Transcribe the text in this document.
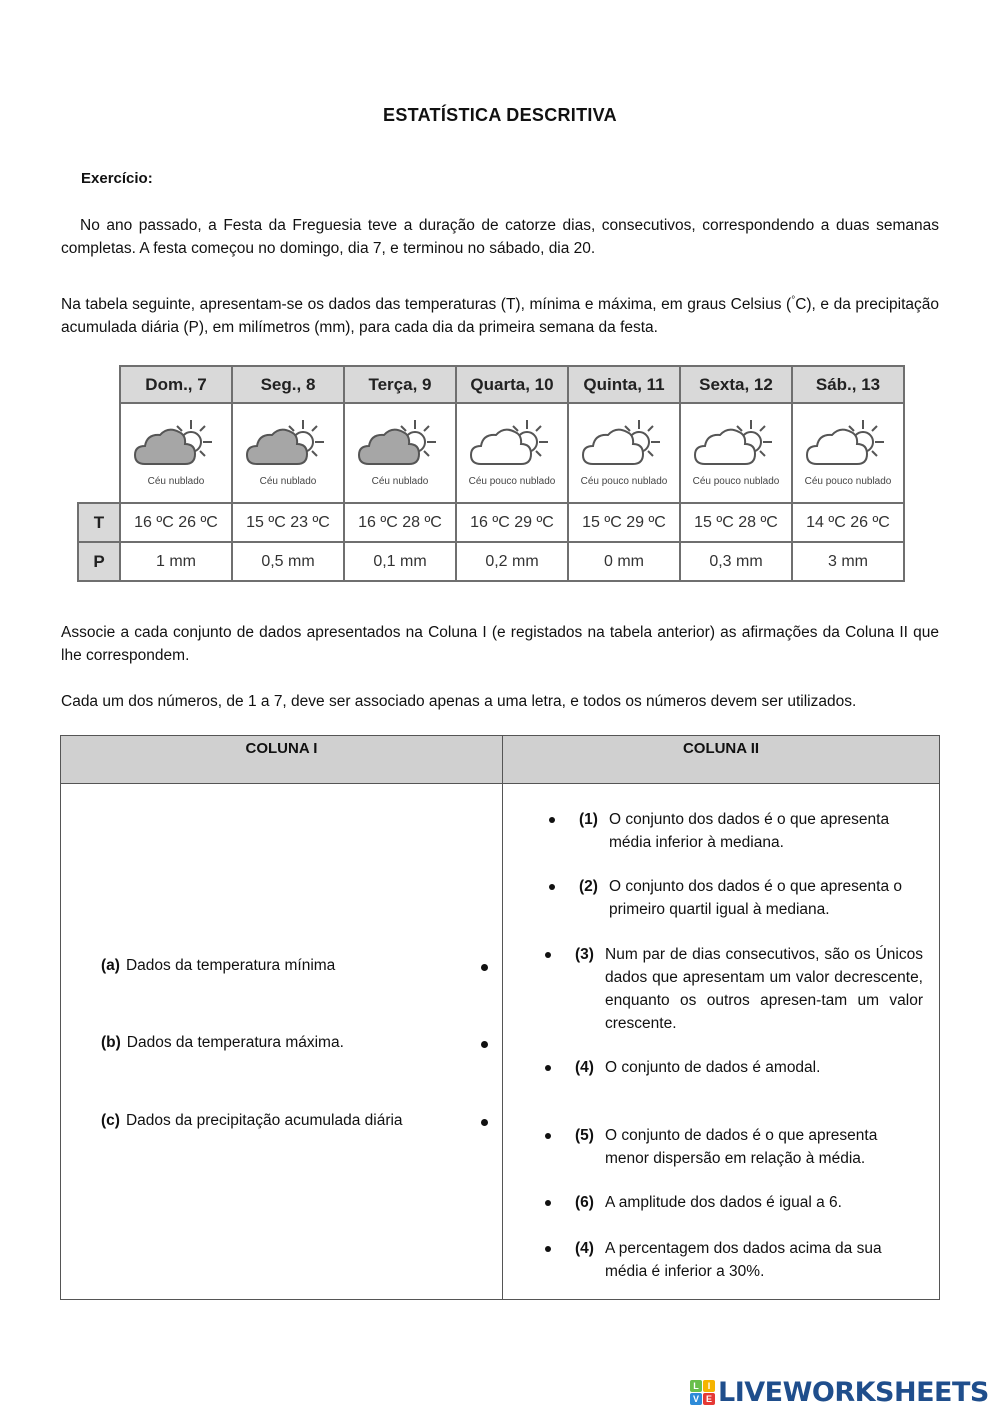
ESTATÍSTICA DESCRITIVA
Exercício:
No ano passado, a Festa da Freguesia teve a duração de catorze dias, consecutivos, correspondendo a duas semanas completas. A festa começou no domingo, dia 7, e terminou no sábado, dia 20.
Na tabela seguinte, apresentam-se os dados das temperaturas (T), mínima e máxima, em graus Celsius (°C), e da precipitação acumulada diária (P), em milímetros (mm), para cada dia da primeira semana da festa.
	Dom., 7	Seg., 8	Terça, 9	Quarta, 10	Quinta, 11	Sexta, 12	Sáb., 13

	Céu nublado	Céu nublado	Céu nublado	Céu pouco nublado	Céu pouco nublado	Céu pouco nublado	Céu pouco nublado

T	16 ºC 26 ºC	15 ºC 23 ºC	16 ºC 28 ºC	16 ºC 29 ºC	15 ºC 29 ºC	15 ºC 28 ºC	14 ºC 26 ºC
P	1 mm	0,5 mm	0,1 mm	0,2 mm	0 mm	0,3 mm	3 mm
Associe a cada conjunto de dados apresentados na Coluna I (e registados na tabela anterior) as afirmações da Coluna II que lhe correspondem.
Cada um dos números, de 1 a 7, deve ser associado apenas a uma letra, e todos os números devem ser utilizados.
COLUNA I	COLUNA II

(a) Dados da temperatura mínima
(b) Dados da temperatura máxima.
(c) Dados da precipitação acumulada diária

(1) O conjunto dos dados é o que apresenta média inferior à mediana.
(2) O conjunto dos dados é o que apresenta o primeiro quartil igual à mediana.
(3) Num par de dias consecutivos, são os Únicos dados que apresentam um valor decrescente, enquanto os outros apresen-tam um valor crescente.
(4) O conjunto de dados é amodal.
(5) O conjunto de dados é o que apresenta menor dispersão em relação à média.
(6) A amplitude dos dados é igual a 6.
(4) A percentagem dos dados acima da sua média é inferior a 30%.
L I
V E LIVEWORKSHEETS
